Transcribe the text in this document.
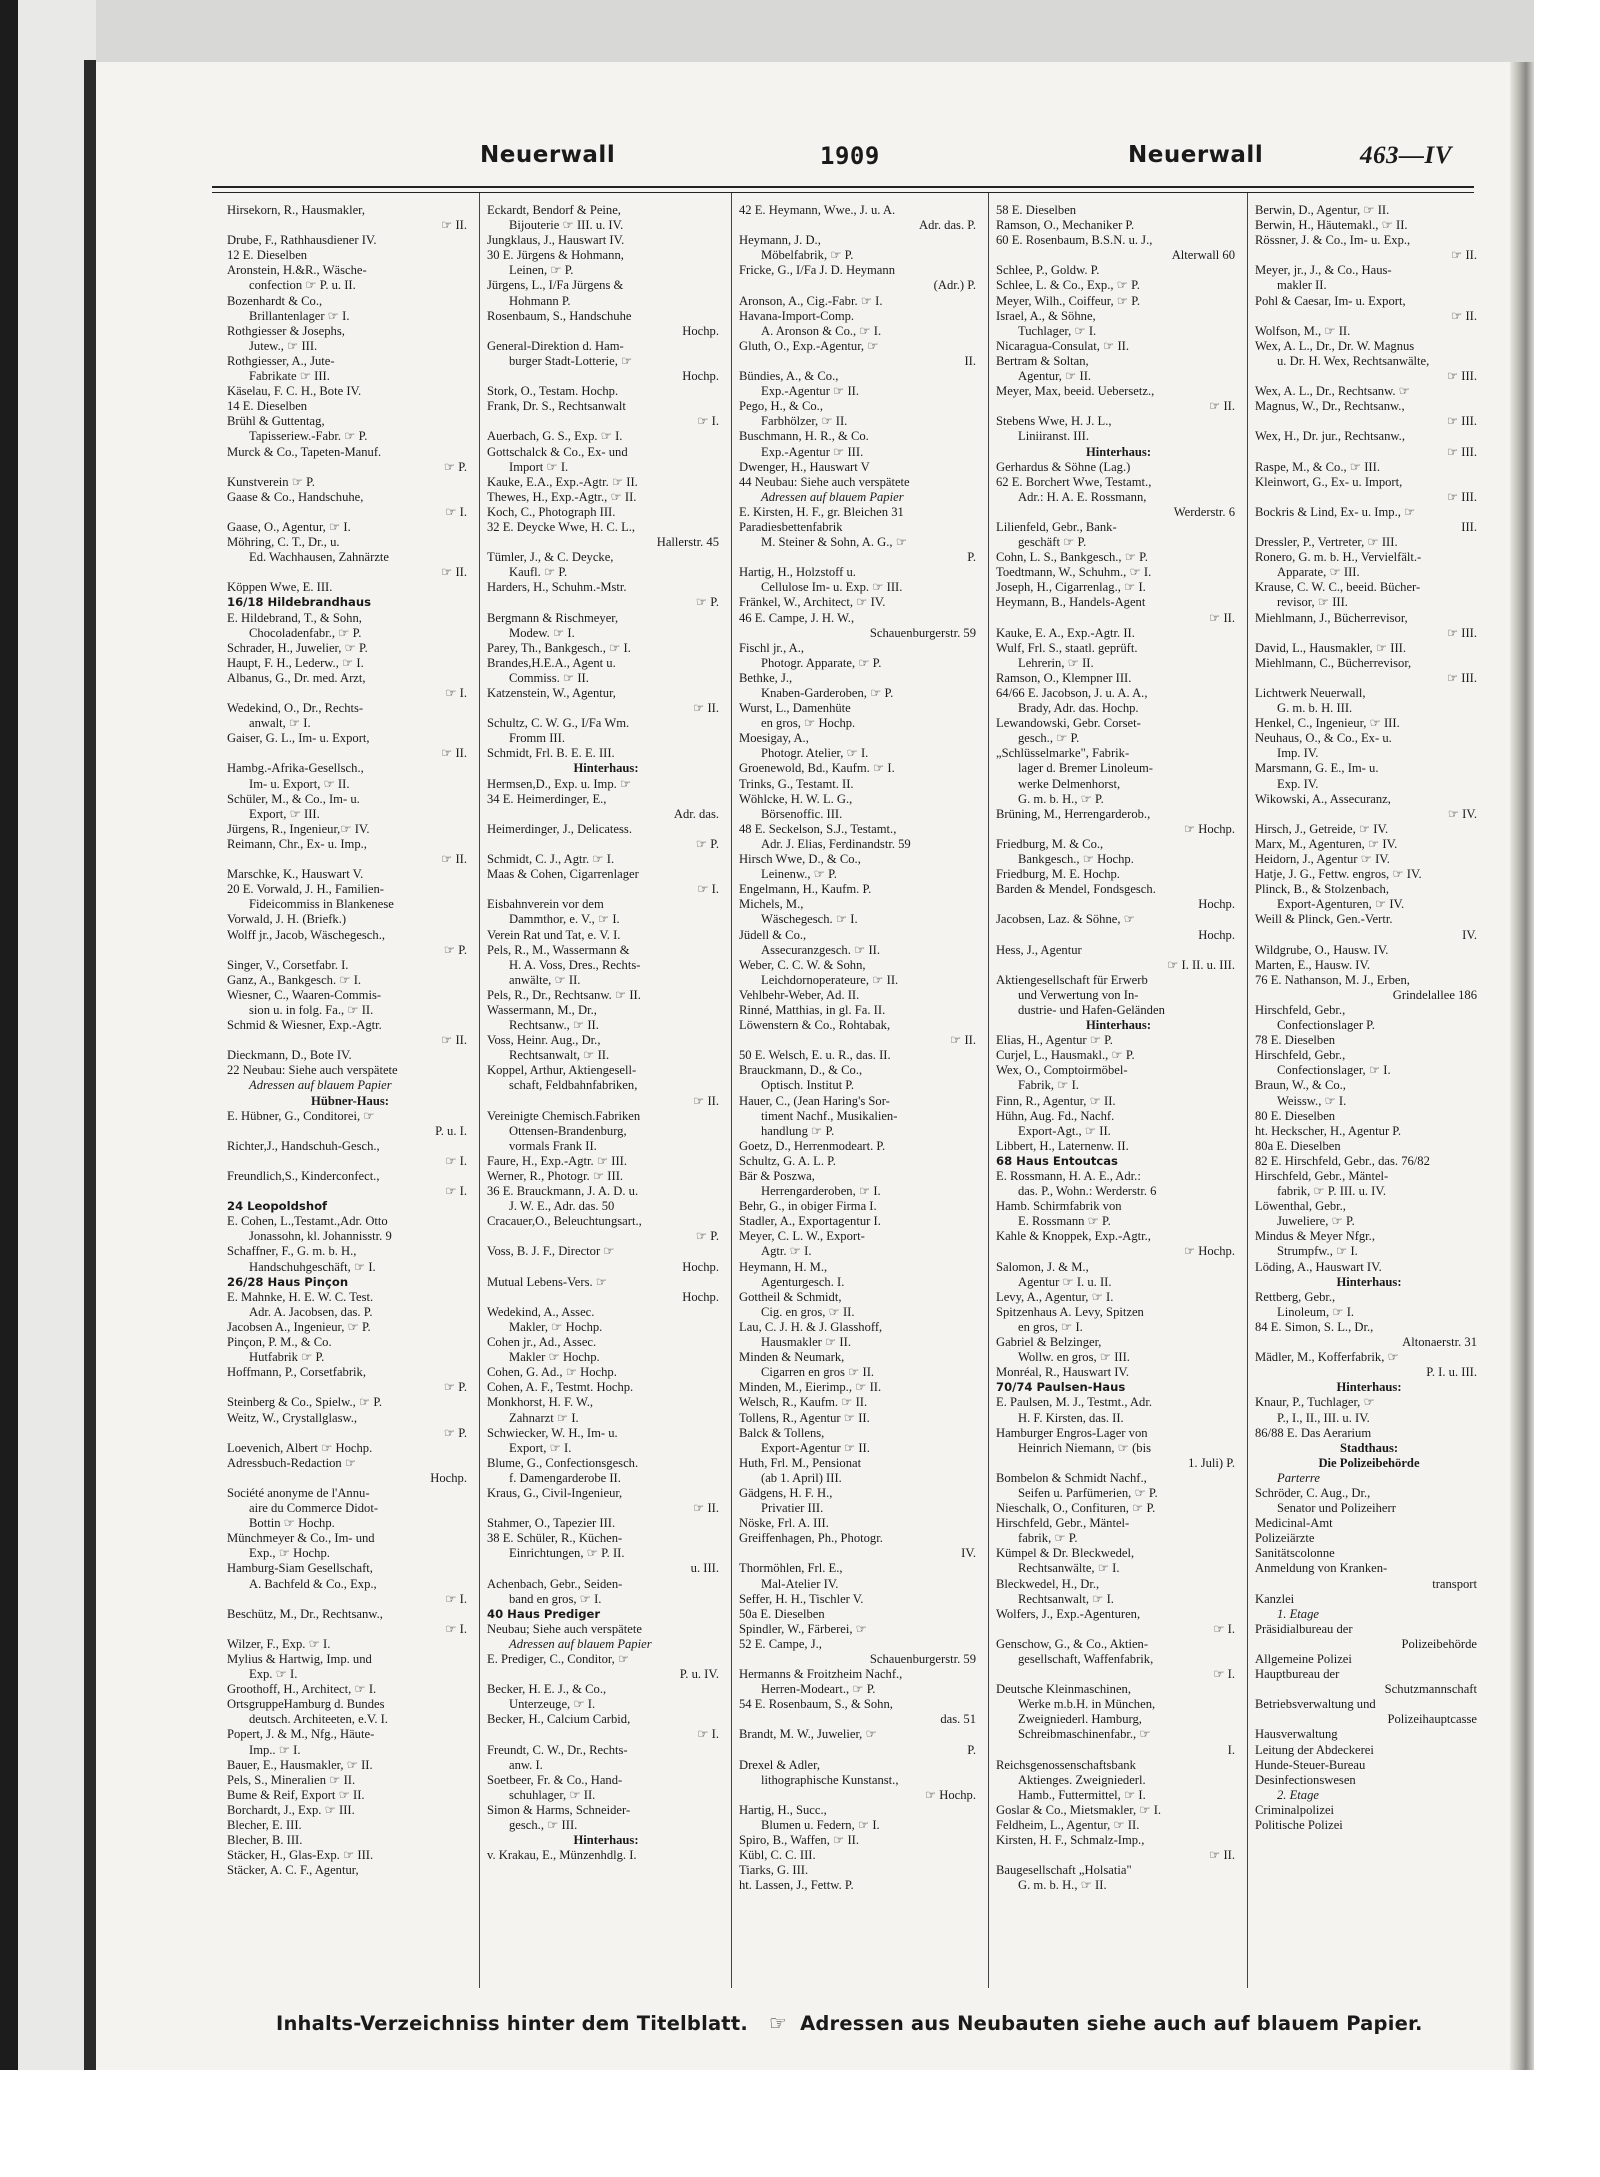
Neuerwall	1909	Neuerwall	463—IV
Hirsekorn, R., Hausmakler,
☞ II.
Drube, F., Rathhausdiener IV.
12 E. Dieselben
Aronstein, H.&R., Wäsche-
confection ☞ P. u. II.
Bozenhardt & Co.,
Brillantenlager ☞ I.
Rothgiesser & Josephs,
Jutew., ☞ III.
Rothgiesser, A., Jute-
Fabrikate ☞ III.
Käselau, F. C. H., Bote IV.
14 E. Dieselben
Brühl & Guttentag,
Tapisseriew.-Fabr. ☞ P.
Murck & Co., Tapeten-Manuf.
☞ P.
Kunstverein ☞ P.
Gaase & Co., Handschuhe,
☞ I.
Gaase, O., Agentur, ☞ I.
Möhring, C. T., Dr., u.
Ed. Wachhausen, Zahnärzte
☞ II.
Köppen Wwe, E. III.
16/18 Hildebrandhaus
E. Hildebrand, T., & Sohn,
Chocoladenfabr., ☞ P.
Schrader, H., Juwelier, ☞ P.
Haupt, F. H., Lederw., ☞ I.
Albanus, G., Dr. med. Arzt,
☞ I.
Wedekind, O., Dr., Rechts-
anwalt, ☞ I.
Gaiser, G. L., Im- u. Export,
☞ II.
Hambg.-Afrika-Gesellsch.,
Im- u. Export, ☞ II.
Schüler, M., & Co., Im- u.
Export, ☞ III.
Jürgens, R., Ingenieur,☞ IV.
Reimann, Chr., Ex- u. Imp.,
☞ II.
Marschke, K., Hauswart V.
20 E. Vorwald, J. H., Familien-
Fideicommiss in Blankenese
Vorwald, J. H. (Briefk.)
Wolff jr., Jacob, Wäschegesch.,
☞ P.
Singer, V., Corsetfabr. I.
Ganz, A., Bankgesch. ☞ I.
Wiesner, C., Waaren-Commis-
sion u. in folg. Fa., ☞ II.
Schmid & Wiesner, Exp.-Agtr.
☞ II.
Dieckmann, D., Bote IV.
22 Neubau: Siehe auch verspätete
Adressen auf blauem Papier
Hübner-Haus:
E. Hübner, G., Conditorei, ☞
P. u. I.
Richter,J., Handschuh-Gesch.,
☞ I.
Freundlich,S., Kinderconfect.,
☞ I.
24 Leopoldshof
E. Cohen, L.,Testamt.,Adr. Otto
Jonassohn, kl. Johannisstr. 9
Schaffner, F., G. m. b. H.,
Handschuhgeschäft, ☞ I.
26/28 Haus Pinçon
E. Mahnke, H. E. W. C. Test.
Adr. A. Jacobsen, das. P.
Jacobsen A., Ingenieur, ☞ P.
Pinçon, P. M., & Co.
Hutfabrik ☞ P.
Hoffmann, P., Corsetfabrik,
☞ P.
Steinberg & Co., Spielw., ☞ P.
Weitz, W., Crystallglasw.,
☞ P.
Loevenich, Albert ☞ Hochp.
Adressbuch-Redaction ☞
Hochp.
Société anonyme de l'Annu-
aire du Commerce Didot-
Bottin ☞ Hochp.
Münchmeyer & Co., Im- und
Exp., ☞ Hochp.
Hamburg-Siam Gesellschaft,
A. Bachfeld & Co., Exp.,
☞ I.
Beschütz, M., Dr., Rechtsanw.,
☞ I.
Wilzer, F., Exp. ☞ I.
Mylius & Hartwig, Imp. und
Exp. ☞ I.
Groothoff, H., Architect, ☞ I.
OrtsgruppeHamburg d. Bundes
deutsch. Architeeten, e.V. I.
Popert, J. & M., Nfg., Häute-
Imp.. ☞ I.
Bauer, E., Hausmakler, ☞ II.
Pels, S., Mineralien ☞ II.
Bume & Reif, Export ☞ II.
Borchardt, J., Exp. ☞ III.
Blecher, E. III.
Blecher, B. III.
Stäcker, H., Glas-Exp. ☞ III.
Stäcker, A. C. F., Agentur,
Eckardt, Bendorf & Peine,
Bijouterie ☞ III. u. IV.
Jungklaus, J., Hauswart IV.
30 E. Jürgens & Hohmann,
Leinen, ☞ P.
Jürgens, L., I/Fa Jürgens &
Hohmann P.
Rosenbaum, S., Handschuhe
Hochp.
General-Direktion d. Ham-
burger Stadt-Lotterie, ☞
Hochp.
Stork, O., Testam. Hochp.
Frank, Dr. S., Rechtsanwalt
☞ I.
Auerbach, G. S., Exp. ☞ I.
Gottschalck & Co., Ex- und
Import ☞ I.
Kauke, E.A., Exp.-Agtr. ☞ II.
Thewes, H., Exp.-Agtr., ☞ II.
Koch, C., Photograph III.
32 E. Deycke Wwe, H. C. L.,
Hallerstr. 45
Tümler, J., & C. Deycke,
Kaufl. ☞ P.
Harders, H., Schuhm.-Mstr.
☞ P.
Bergmann & Rischmeyer,
Modew. ☞ I.
Parey, Th., Bankgesch., ☞ I.
Brandes,H.E.A., Agent u.
Commiss. ☞ II.
Katzenstein, W., Agentur,
☞ II.
Schultz, C. W. G., I/Fa Wm.
Fromm III.
Schmidt, Frl. B. E. E. III.
Hinterhaus:
Hermsen,D., Exp. u. Imp. ☞
34 E. Heimerdinger, E.,
Adr. das.
Heimerdinger, J., Delicatess.
☞ P.
Schmidt, C. J., Agtr. ☞ I.
Maas & Cohen, Cigarrenlager
☞ I.
Eisbahnverein vor dem
Dammthor, e. V., ☞ I.
Verein Rat und Tat, e. V. I.
Pels, R., M., Wassermann &
H. A. Voss, Dres., Rechts-
anwälte, ☞ II.
Pels, R., Dr., Rechtsanw. ☞ II.
Wassermann, M., Dr.,
Rechtsanw., ☞ II.
Voss, Heinr. Aug., Dr.,
Rechtsanwalt, ☞ II.
Koppel, Arthur, Aktiengesell-
schaft, Feldbahnfabriken,
☞ II.
Vereinigte Chemisch.Fabriken
Ottensen-Brandenburg,
vormals Frank II.
Faure, H., Exp.-Agtr. ☞ III.
Werner, R., Photogr. ☞ III.
36 E. Brauckmann, J. A. D. u.
J. W. E., Adr. das. 50
Cracauer,O., Beleuchtungsart.,
☞ P.
Voss, B. J. F., Director ☞
Hochp.
Mutual Lebens-Vers. ☞
Hochp.
Wedekind, A., Assec.
Makler, ☞ Hochp.
Cohen jr., Ad., Assec.
Makler ☞ Hochp.
Cohen, G. Ad., ☞ Hochp.
Cohen, A. F., Testmt. Hochp.
Monkhorst, H. F. W.,
Zahnarzt ☞ I.
Schwiecker, W. H., Im- u.
Export, ☞ I.
Blume, G., Confectionsgesch.
f. Damengarderobe II.
Kraus, G., Civil-Ingenieur,
☞ II.
Stahmer, O., Tapezier III.
38 E. Schüler, R., Küchen-
Einrichtungen, ☞ P. II.
u. III.
Achenbach, Gebr., Seiden-
band en gros, ☞ I.
40 Haus Prediger
Neubau; Siehe auch verspätete
Adressen auf blauem Papier
E. Prediger, C., Conditor, ☞
P. u. IV.
Becker, H. E. J., & Co.,
Unterzeuge, ☞ I.
Becker, H., Calcium Carbid,
☞ I.
Freundt, C. W., Dr., Rechts-
anw. I.
Soetbeer, Fr. & Co., Hand-
schuhlager, ☞ II.
Simon & Harms, Schneider-
gesch., ☞ III.
Hinterhaus:
v. Krakau, E., Münzenhdlg. I.
42 E. Heymann, Wwe., J. u. A.
Adr. das. P.
Heymann, J. D.,
Möbelfabrik, ☞ P.
Fricke, G., I/Fa J. D. Heymann
(Adr.) P.
Aronson, A., Cig.-Fabr. ☞ I.
Havana-Import-Comp.
A. Aronson & Co., ☞ I.
Gluth, O., Exp.-Agentur, ☞
II.
Bündies, A., & Co.,
Exp.-Agentur ☞ II.
Pego, H., & Co.,
Farbhölzer, ☞ II.
Buschmann, H. R., & Co.
Exp.-Agentur ☞ III.
Dwenger, H., Hauswart V
44 Neubau: Siehe auch verspätete
Adressen auf blauem Papier
E. Kirsten, H. F., gr. Bleichen 31
Paradiesbettenfabrik
M. Steiner & Sohn, A. G., ☞
P.
Hartig, H., Holzstoff u.
Cellulose Im- u. Exp. ☞ III.
Fränkel, W., Architect, ☞ IV.
46 E. Campe, J. H. W.,
Schauenburgerstr. 59
Fischl jr., A.,
Photogr. Apparate, ☞ P.
Bethke, J.,
Knaben-Garderoben, ☞ P.
Wurst, L., Damenhüte
en gros, ☞ Hochp.
Moesigay, A.,
Photogr. Atelier, ☞ I.
Groenewold, Bd., Kaufm. ☞ I.
Trinks, G., Testamt. II.
Wöhlcke, H. W. L. G.,
Börsenoffic. III.
48 E. Seckelson, S.J., Testamt.,
Adr. J. Elias, Ferdinandstr. 59
Hirsch Wwe, D., & Co.,
Leinenw., ☞ P.
Engelmann, H., Kaufm. P.
Michels, M.,
Wäschegesch. ☞ I.
Jüdell & Co.,
Assecuranzgesch. ☞ II.
Weber, C. C. W. & Sohn,
Leichdornoperateure, ☞ II.
Vehlbehr-Weber, Ad. II.
Rinné, Matthias, in gl. Fa. II.
Löwenstern & Co., Rohtabak,
☞ II.
50 E. Welsch, E. u. R., das. II.
Brauckmann, D., & Co.,
Optisch. Institut P.
Hauer, C., (Jean Haring's Sor-
timent Nachf., Musikalien-
handlung ☞ P.
Goetz, D., Herrenmodeart. P.
Schultz, G. A. L. P.
Bär & Poszwa,
Herrengarderoben, ☞ I.
Behr, G., in obiger Firma I.
Stadler, A., Exportagentur I.
Meyer, C. L. W., Export-
Agtr. ☞ I.
Heymann, H. M.,
Agenturgesch. I.
Gottheil & Schmidt,
Cig. en gros, ☞ II.
Lau, C. J. H. & J. Glasshoff,
Hausmakler ☞ II.
Minden & Neumark,
Cigarren en gros ☞ II.
Minden, M., Eierimp., ☞ II.
Welsch, R., Kaufm. ☞ II.
Tollens, R., Agentur ☞ II.
Balck & Tollens,
Export-Agentur ☞ II.
Huth, Frl. M., Pensionat
(ab 1. April) III.
Gädgens, H. F. H.,
Privatier III.
Nöske, Frl. A. III.
Greiffenhagen, Ph., Photogr.
IV.
Thormöhlen, Frl. E.,
Mal-Atelier IV.
Seffer, H. H., Tischler V.
50a E. Dieselben
Spindler, W., Färberei, ☞
52 E. Campe, J.,
Schauenburgerstr. 59
Hermanns & Froitzheim Nachf.,
Herren-Modeart., ☞ P.
54 E. Rosenbaum, S., & Sohn,
das. 51
Brandt, M. W., Juwelier, ☞
P.
Drexel & Adler,
lithographische Kunstanst.,
☞ Hochp.
Hartig, H., Succ.,
Blumen u. Federn, ☞ I.
Spiro, B., Waffen, ☞ II.
Kübl, C. C. III.
Tiarks, G. III.
ht. Lassen, J., Fettw. P.
58 E. Dieselben
Ramson, O., Mechaniker P.
60 E. Rosenbaum, B.S.N. u. J.,
Alterwall 60
Schlee, P., Goldw. P.
Schlee, L. & Co., Exp., ☞ P.
Meyer, Wilh., Coiffeur, ☞ P.
Israel, A., & Söhne,
Tuchlager, ☞ I.
Nicaragua-Consulat, ☞ II.
Bertram & Soltan,
Agentur, ☞ II.
Meyer, Max, beeid. Uebersetz.,
☞ II.
Stebens Wwe, H. J. L.,
Liniiranst. III.
Hinterhaus:
Gerhardus & Söhne (Lag.)
62 E. Borchert Wwe, Testamt.,
Adr.: H. A. E. Rossmann,
Werderstr. 6
Lilienfeld, Gebr., Bank-
geschäft ☞ P.
Cohn, L. S., Bankgesch., ☞ P.
Toedtmann, W., Schuhm., ☞ I.
Joseph, H., Cigarrenlag., ☞ I.
Heymann, B., Handels-Agent
☞ II.
Kauke, E. A., Exp.-Agtr. II.
Wulf, Frl. S., staatl. geprüft.
Lehrerin, ☞ II.
Ramson, O., Klempner III.
64/66 E. Jacobson, J. u. A. A.,
Brady, Adr. das. Hochp.
Lewandowski, Gebr. Corset-
gesch., ☞ P.
„Schlüsselmarke", Fabrik-
lager d. Bremer Linoleum-
werke Delmenhorst,
G. m. b. H., ☞ P.
Brüning, M., Herrengarderob.,
☞ Hochp.
Friedburg, M. & Co.,
Bankgesch., ☞ Hochp.
Friedburg, M. E. Hochp.
Barden & Mendel, Fondsgesch.
Hochp.
Jacobsen, Laz. & Söhne, ☞
Hochp.
Hess, J., Agentur
☞ I. II. u. III.
Aktiengesellschaft für Erwerb
und Verwertung von In-
dustrie- und Hafen-Geländen
Hinterhaus:
Elias, H., Agentur ☞ P.
Curjel, L., Hausmakl., ☞ P.
Wex, O., Comptoirmöbel-
Fabrik, ☞ I.
Finn, R., Agentur, ☞ II.
Hühn, Aug. Fd., Nachf.
Export-Agt., ☞ II.
Libbert, H., Laternenw. II.
68 Haus Entoutcas
E. Rossmann, H. A. E., Adr.:
das. P., Wohn.: Werderstr. 6
Hamb. Schirmfabrik von
E. Rossmann ☞ P.
Kahle & Knoppek, Exp.-Agtr.,
☞ Hochp.
Salomon, J. & M.,
Agentur ☞ I. u. II.
Levy, A., Agentur, ☞ I.
Spitzenhaus A. Levy, Spitzen
en gros, ☞ I.
Gabriel & Belzinger,
Wollw. en gros, ☞ III.
Monréal, R., Hauswart IV.
70/74 Paulsen-Haus
E. Paulsen, M. J., Testmt., Adr.
H. F. Kirsten, das. II.
Hamburger Engros-Lager von
Heinrich Niemann, ☞ (bis
1. Juli) P.
Bombelon & Schmidt Nachf.,
Seifen u. Parfümerien, ☞ P.
Nieschalk, O., Confituren, ☞ P.
Hirschfeld, Gebr., Mäntel-
fabrik, ☞ P.
Kümpel & Dr. Bleckwedel,
Rechtsanwälte, ☞ I.
Bleckwedel, H., Dr.,
Rechtsanwalt, ☞ I.
Wolfers, J., Exp.-Agenturen,
☞ I.
Genschow, G., & Co., Aktien-
gesellschaft, Waffenfabrik,
☞ I.
Deutsche Kleinmaschinen,
Werke m.b.H. in München,
Zweigniederl. Hamburg,
Schreibmaschinenfabr., ☞
I.
Reichsgenossenschaftsbank
Aktienges. Zweigniederl.
Hamb., Futtermittel, ☞ I.
Goslar & Co., Mietsmakler, ☞ I.
Feldheim, L., Agentur, ☞ II.
Kirsten, H. F., Schmalz-Imp.,
☞ II.
Baugesellschaft „Holsatia"
G. m. b. H., ☞ II.
Berwin, D., Agentur, ☞ II.
Berwin, H., Häutemakl., ☞ II.
Rössner, J. & Co., Im- u. Exp.,
☞ II.
Meyer, jr., J., & Co., Haus-
makler II.
Pohl & Caesar, Im- u. Export,
☞ II.
Wolfson, M., ☞ II.
Wex, A. L., Dr., Dr. W. Magnus
u. Dr. H. Wex, Rechtsanwälte,
☞ III.
Wex, A. L., Dr., Rechtsanw. ☞
Magnus, W., Dr., Rechtsanw.,
☞ III.
Wex, H., Dr. jur., Rechtsanw.,
☞ III.
Raspe, M., & Co., ☞ III.
Kleinwort, G., Ex- u. Import,
☞ III.
Bockris & Lind, Ex- u. Imp., ☞
III.
Dressler, P., Vertreter, ☞ III.
Ronero, G. m. b. H., Vervielfält.-
Apparate, ☞ III.
Krause, C. W. C., beeid. Bücher-
revisor, ☞ III.
Miehlmann, J., Bücherrevisor,
☞ III.
David, L., Hausmakler, ☞ III.
Miehlmann, C., Bücherrevisor,
☞ III.
Lichtwerk Neuerwall,
G. m. b. H. III.
Henkel, C., Ingenieur, ☞ III.
Neuhaus, O., & Co., Ex- u.
Imp. IV.
Marsmann, G. E., Im- u.
Exp. IV.
Wikowski, A., Assecuranz,
☞ IV.
Hirsch, J., Getreide, ☞ IV.
Marx, M., Agenturen, ☞ IV.
Heidorn, J., Agentur ☞ IV.
Hatje, J. G., Fettw. engros, ☞ IV.
Plinck, B., & Stolzenbach,
Export-Agenturen, ☞ IV.
Weill & Plinck, Gen.-Vertr.
IV.
Wildgrube, O., Hausw. IV.
Marten, E., Hausw. IV.
76 E. Nathanson, M. J., Erben,
Grindelallee 186
Hirschfeld, Gebr.,
Confectionslager P.
78 E. Dieselben
Hirschfeld, Gebr.,
Confectionslager, ☞ I.
Braun, W., & Co.,
Weissw., ☞ I.
80 E. Dieselben
ht. Heckscher, H., Agentur P.
80a E. Dieselben
82 E. Hirschfeld, Gebr., das. 76/82
Hirschfeld, Gebr., Mäntel-
fabrik, ☞ P. III. u. IV.
Löwenthal, Gebr.,
Juweliere, ☞ P.
Mindus & Meyer Nfgr.,
Strumpfw., ☞ I.
Löding, A., Hauswart IV.
Hinterhaus:
Rettberg, Gebr.,
Linoleum, ☞ I.
84 E. Simon, S. L., Dr.,
Altonaerstr. 31
Mädler, M., Kofferfabrik, ☞
P. I. u. III.
Hinterhaus:
Knaur, P., Tuchlager, ☞
P., I., II., III. u. IV.
86/88 E. Das Aerarium
Stadthaus:
Die Polizeibehörde
Parterre
Schröder, C. Aug., Dr.,
Senator und Polizeiherr
Medicinal-Amt
Polizeiärzte
Sanitätscolonne
Anmeldung von Kranken-
transport
Kanzlei
1. Etage
Präsidialbureau der
Polizeibehörde
Allgemeine Polizei
Hauptbureau der
Schutzmannschaft
Betriebsverwaltung und
Polizeihauptcasse
Hausverwaltung
Leitung der Abdeckerei
Hunde-Steuer-Bureau
Desinfectionswesen
2. Etage
Criminalpolizei
Politische Polizei
Inhalts-Verzeichniss hinter dem Titelblatt. ☞ Adressen aus Neubauten siehe auch auf blauem Papier.
